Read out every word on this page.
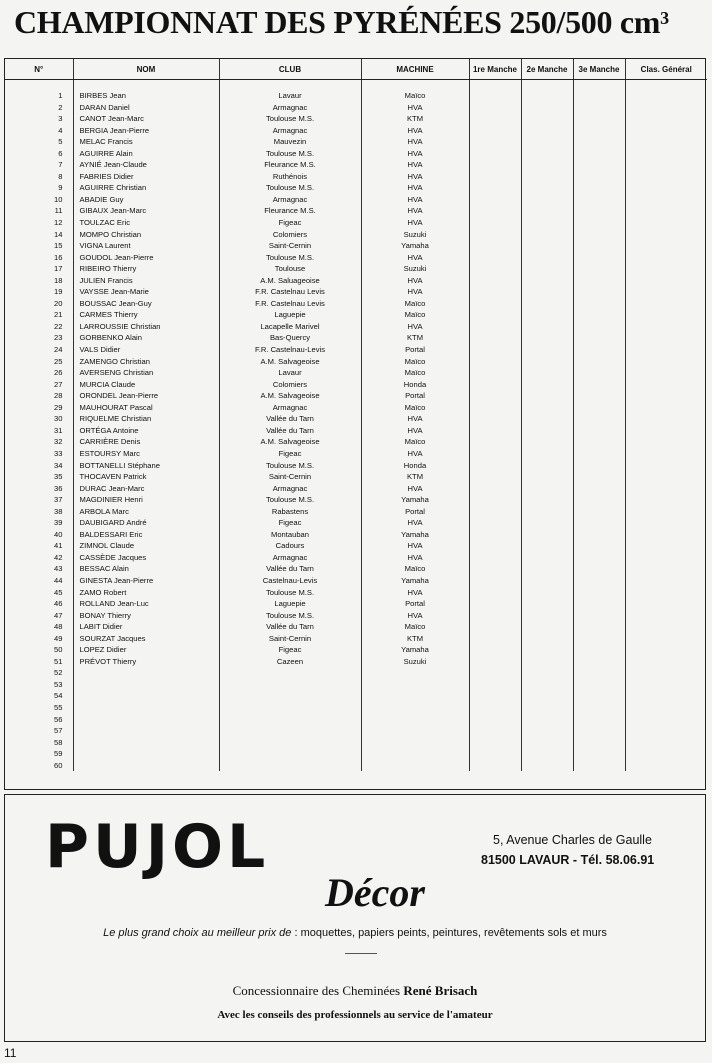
CHAMPIONNAT DES PYRÉNÉES 250/500 $cm^3$
N°	NOM	CLUB	MACHINE	1re Manche	2e Manche	3e Manche	Clas. Général

1	BIRBES Jean	Lavaur	Maïco				
2	DARAN Daniel	Armagnac	HVA				
3	CANOT Jean-Marc	Toulouse M.S.	KTM				
4	BERGIA Jean-Pierre	Armagnac	HVA				
5	MELAC Francis	Mauvezin	HVA				
6	AGUIRRE Alain	Toulouse M.S.	HVA				
7	AYNIÉ Jean-Claude	Fleurance M.S.	HVA				
8	FABRIES Didier	Ruthénois	HVA				
9	AGUIRRE Christian	Toulouse M.S.	HVA				
10	ABADIE Guy	Armagnac	HVA				
11	GIBAUX Jean-Marc	Fleurance M.S.	HVA				
12	TOULZAC Eric	Figeac	HVA				
14	MOMPO Christian	Colomiers	Suzuki				
15	VIGNA Laurent	Saint-Cernin	Yamaha				
16	GOUDOL Jean-Pierre	Toulouse M.S.	HVA				
17	RIBEIRO Thierry	Toulouse	Suzuki				
18	JULIEN Francis	A.M. Saluageoise	HVA				
19	VAYSSE Jean-Marie	F.R. Castelnau Levis	HVA				
20	BOUSSAC Jean-Guy	F.R. Castelnau Levis	Maïco				
21	CARMES Thierry	Laguepie	Maïco				
22	LARROUSSIE Christian	Lacapelle Marivel	HVA				
23	GORBENKO Alain	Bas-Quercy	KTM				
24	VALS Didier	F.R. Castelnau-Levis	Portal				
25	ZAMENGO Christian	A.M. Salvageoise	Maïco				
26	AVERSENG Christian	Lavaur	Maïco				
27	MURCIA Claude	Colomiers	Honda				
28	ORONDEL Jean-Pierre	A.M. Salvageoise	Portal				
29	MAUHOURAT Pascal	Armagnac	Maïco				
30	RIQUELME Christian	Vallée du Tarn	HVA				
31	ORTÉGA Antoine	Vallée du Tarn	HVA				
32	CARRIÈRE Denis	A.M. Salvageoise	Maïco				
33	ESTOURSY Marc	Figeac	HVA				
34	BOTTANELLI Stéphane	Toulouse M.S.	Honda				
35	THOCAVEN Patrick	Saint-Cernin	KTM				
36	DURAC Jean-Marc	Armagnac	HVA				
37	MAGDINIER Henri	Toulouse M.S.	Yamaha				
38	ARBOLA Marc	Rabastens	Portal				
39	DAUBIGARD André	Figeac	HVA				
40	BALDESSARI Eric	Montauban	Yamaha				
41	ZIMNOL Claude	Cadours	HVA				
42	CASSÈDE Jacques	Armagnac	HVA				
43	BESSAC Alain	Vallée du Tarn	Maïco				
44	GINESTA Jean-Pierre	Castelnau-Levis	Yamaha				
45	ZAMO Robert	Toulouse M.S.	HVA				
46	ROLLAND Jean-Luc	Laguepie	Portal				
47	BONAY Thierry	Toulouse M.S.	HVA				
48	LABIT Didier	Vallée du Tarn	Maïco				
49	SOURZAT Jacques	Saint-Cernin	KTM				
50	LOPEZ Didier	Figeac	Yamaha				
51	PRÉVOT Thierry	Cazeen	Suzuki				
52							
53							
54							
55							
56							
57							
58							
59							
60							
PUJOL	5, Avenue Charles de Gaulle
81500 LAVAUR - Tél. 58.06.91
Décor
Le plus grand choix au meilleur prix de : moquettes, papiers peints, peintures, revêtements sols et murs
Concessionnaire des Cheminées René Brisach
Avec les conseils des professionnels au service de l'amateur
11
